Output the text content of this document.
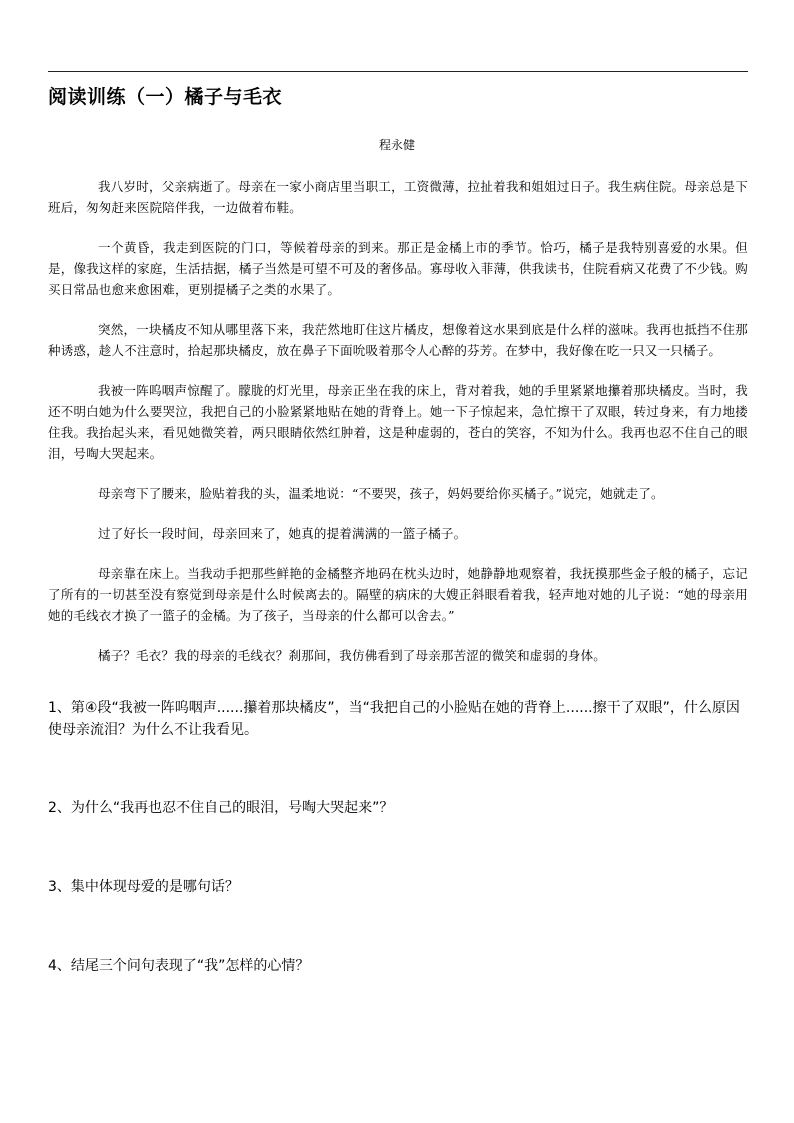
阅读训练（一）橘子与毛衣
程永健

我八岁时，父亲病逝了。母亲在一家小商店里当职工，工资微薄，拉扯着我和姐姐过日子。我生病住院。母亲总是下班后，匆匆赶来医院陪伴我，一边做着布鞋。

一个黄昏，我走到医院的门口，等候着母亲的到来。那正是金橘上市的季节。恰巧，橘子是我特别喜爱的水果。但是，像我这样的家庭，生活拮据，橘子当然是可望不可及的奢侈品。寡母收入菲薄，供我读书，住院看病又花费了不少钱。购买日常品也愈来愈困难，更别提橘子之类的水果了。

突然，一块橘皮不知从哪里落下来，我茫然地盯住这片橘皮，想像着这水果到底是什么样的滋味。我再也抵挡不住那种诱惑，趁人不注意时，拾起那块橘皮，放在鼻子下面吮吸着那令人心醉的芬芳。在梦中，我好像在吃一只又一只橘子。

我被一阵呜咽声惊醒了。朦胧的灯光里，母亲正坐在我的床上，背对着我，她的手里紧紧地攥着那块橘皮。当时，我还不明白她为什么要哭泣，我把自己的小脸紧紧地贴在她的背脊上。她一下子惊起来，急忙擦干了双眼，转过身来，有力地搂住我。我抬起头来，看见她微笑着，两只眼睛依然红肿着，这是种虚弱的，苍白的笑容，不知为什么。我再也忍不住自己的眼泪，号啕大哭起来。

母亲弯下了腰来，脸贴着我的头，温柔地说：“不要哭，孩子，妈妈要给你买橘子。”说完，她就走了。

过了好长一段时间，母亲回来了，她真的提着满满的一篮子橘子。

母亲靠在床上。当我动手把那些鲜艳的金橘整齐地码在枕头边时，她静静地观察着，我抚摸那些金子般的橘子，忘记了所有的一切甚至没有察觉到母亲是什么时候离去的。隔壁的病床的大嫂正斜眼看着我，轻声地对她的儿子说：“她的母亲用她的毛线衣才换了一篮子的金橘。为了孩子，当母亲的什么都可以舍去。”

橘子？毛衣？我的母亲的毛线衣？刹那间，我仿佛看到了母亲那苦涩的微笑和虚弱的身体。

1、第④段“我被一阵呜咽声......攥着那块橘皮”，当“我把自己的小脸贴在她的背脊上......擦干了双眼”，什么原因使母亲流泪？为什么不让我看见。
2、为什么“我再也忍不住自己的眼泪，号啕大哭起来”？
3、集中体现母爱的是哪句话？
4、结尾三个问句表现了“我”怎样的心情？
